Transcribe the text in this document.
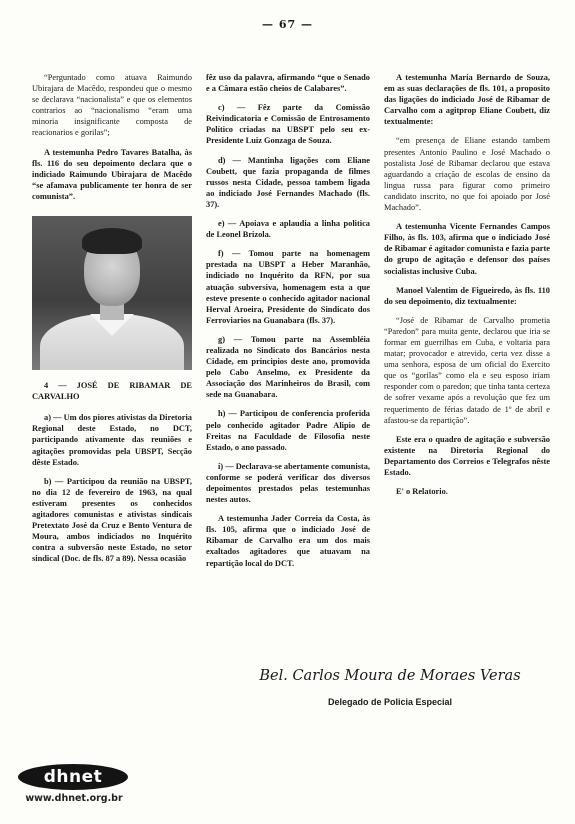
— 67 —

“Perguntado como atuava Raimundo Ubirajara de Macêdo, respondeu que o mesmo se declarava “nacionalista” e que os elementos contrarios ao “nacionalismo “eram uma minoria insignificante composta de reacionarios e gorilas”;

A testemunha Pedro Tavares Batalha, às fls. 116 do seu depoimento declara que o indiciado Raimundo Ubirajara de Macêdo “se afamava publicamente ter honra de ser comunista”.

4 — JOSÉ DE RIBAMAR DE CARVALHO

a) — Um dos piores ativistas da Diretoria Regional deste Estado, no DCT, participando ativamente das reuniões e agitações promovidas pela UBSPT, Secção dêste Estado.

b) — Participou da reunião na UBSPT, no dia 12 de fevereiro de 1963, na qual estiveram presentes os conhecidos agitadores comunistas e ativistas sindicais Pretextato José da Cruz e Bento Ventura de Moura, ambos indiciados no Inquérito contra a subversão neste Estado, no setor sindical (Doc. de fls. 87 a 89). Nessa ocasião

fêz uso da palavra, afirmando “que o Senado e a Câmara estão cheios de Calabares”.

c) — Fêz parte da Comissão Reivindicatoria e Comissão de Entrosamento Político criadas na UBSPT pelo seu ex-Presidente Luiz Gonzaga de Souza.

d) — Mantinha ligações com Eliane Coubett, que fazia propaganda de filmes russos nesta Cidade, pessoa tambem ligada ao indiciado José Fernandes Machado (fls. 37).

e) — Apoiava e aplaudia a linha politica de Leonel Brizola.

f) — Tomou parte na homenagem prestada na UBSPT a Heber Maranhão, indiciado no Inquérito da RFN, por sua atuação subversiva, homenagem esta a que esteve presente o conhecido agitador nacional Herval Aroeira, Presidente do Sindicato dos Ferroviarios na Guanabara (fls. 37).

g) — Tomou parte na Assembléia realizada no Sindicato dos Bancários nesta Cidade, em principios deste ano, promovida pelo Cabo Anselmo, ex Presidente da Associação dos Marinheiros do Brasil, com sede na Guanabara.

h) — Participou de conferencia proferida pelo conhecido agitador Padre Alipio de Freitas na Faculdade de Filosofia neste Estado, o ano passado.

i) — Declarava-se abertamente comunista, conforme se poderá verificar dos diversos depoimentos prestados pelas testemunhas nestes autos.

A testemunha Jader Correia da Costa, às fls. 105, afirma que o indiciado José de Ribamar de Carvalho era um dos mais exaltados agitadores que atuavam na repartição local do DCT.

A testemunha Maria Bernardo de Souza, em as suas declarações de fls. 101, a proposito das ligações do indiciado José de Ribamar de Carvalho com a agitprop Eliane Coubett, diz textualmente:

“em presença de Eliane estando tambem presentes Antonio Paulino e José Machado o postalista José de Ribamar declarou que estava aguardando a criação de escolas de ensino da lingua russa para figurar como primeiro candidato inscrito, no que foi apoiado por José Machado”.

A testemunha Vicente Fernandes Campos Filho, às fls. 103, afirma que o indiciado José de Ribamar é agitador comunista e fazia parte do grupo de agitação e defensor dos países socialistas inclusive Cuba.

Manoel Valentim de Figueiredo, às fls. 110 do seu depoimento, diz textualmente:

“José de Ribamar de Carvalho prometia “Paredon” para muita gente, declarou que iria se formar em guerrilhas em Cuba, e voltaria para matar; provocador e atrevido, certa vez disse a uma senhora, esposa de um oficial do Exercito que os “gorilas” como ela e seu esposo iriam responder com o paredon; que tinha tanta certeza de sofrer vexame após a revolução que fez um requerimento de férias datado de 1º de abril e afastou-se da repartição”.

Este era o quadro de agitação e subversão existente na Diretoria Regional do Departamento dos Correios e Telegrafos nêste Estado.

E' o Relatorio.

Bel. Carlos Moura de Moraes Veras
Delegado de Policia Especial
dhnet
www.dhnet.org.br
